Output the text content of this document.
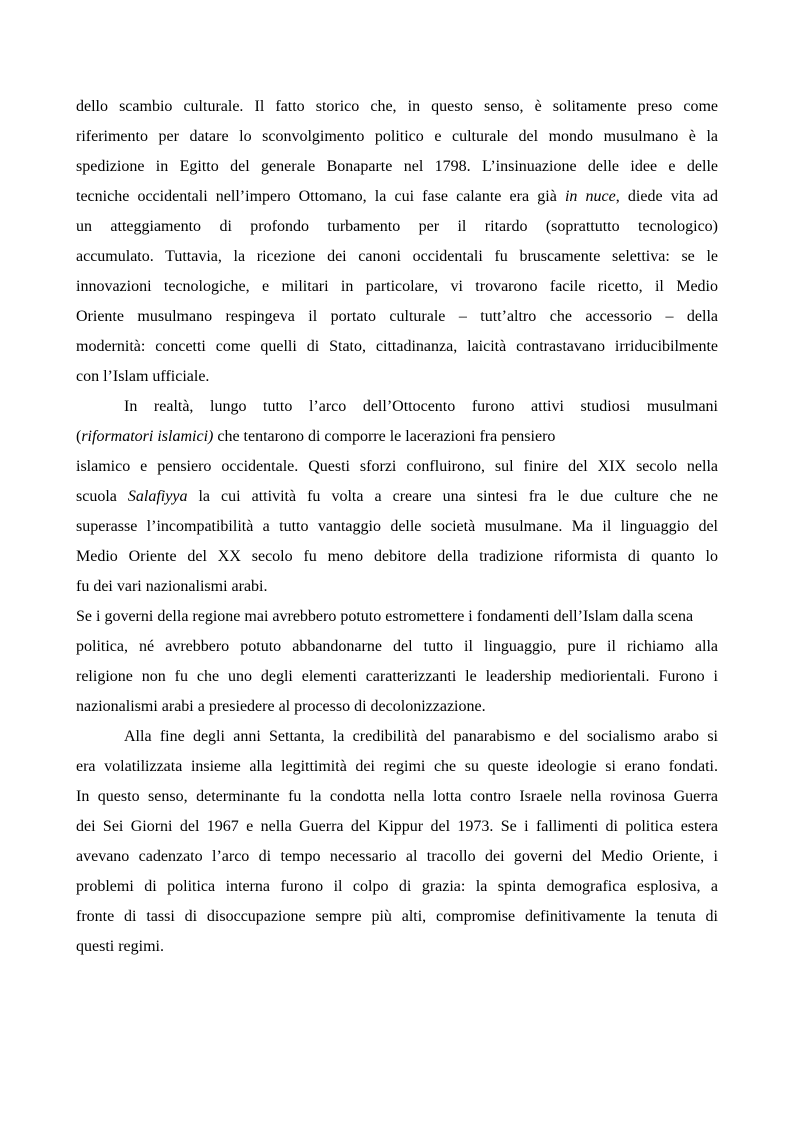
dello scambio culturale. Il fatto storico che, in questo senso, è solitamente preso come
riferimento per datare lo sconvolgimento politico e culturale del mondo musulmano è la
spedizione in Egitto del generale Bonaparte nel 1798. L’insinuazione delle idee e delle
tecniche occidentali nell’impero Ottomano, la cui fase calante era già in nuce, diede vita ad
un atteggiamento di profondo turbamento per il ritardo (soprattutto tecnologico)
accumulato. Tuttavia, la ricezione dei canoni occidentali fu bruscamente selettiva: se le
innovazioni tecnologiche, e militari in particolare, vi trovarono facile ricetto, il Medio
Oriente musulmano respingeva il portato culturale – tutt’altro che accessorio – della
modernità: concetti come quelli di Stato, cittadinanza, laicità contrastavano irriducibilmente
con l’Islam ufficiale.
In realtà, lungo tutto l’arco dell’Ottocento furono attivi studiosi musulmani
(riformatori islamici) che tentarono di comporre le lacerazioni fra pensiero
islamico e pensiero occidentale. Questi sforzi confluirono, sul finire del XIX secolo nella
scuola Salafiyya la cui attività fu volta a creare una sintesi fra le due culture che ne
superasse l’incompatibilità a tutto vantaggio delle società musulmane. Ma il linguaggio del
Medio Oriente del XX secolo fu meno debitore della tradizione riformista di quanto lo
fu dei vari nazionalismi arabi.
Se i governi della regione mai avrebbero potuto estromettere i fondamenti dell’Islam dalla scena
politica, né avrebbero potuto abbandonarne del tutto il linguaggio, pure il richiamo alla
religione non fu che uno degli elementi caratterizzanti le leadership mediorientali. Furono i
nazionalismi arabi a presiedere al processo di decolonizzazione.
Alla fine degli anni Settanta, la credibilità del panarabismo e del socialismo arabo si
era volatilizzata insieme alla legittimità dei regimi che su queste ideologie si erano fondati.
In questo senso, determinante fu la condotta nella lotta contro Israele nella rovinosa Guerra
dei Sei Giorni del 1967 e nella Guerra del Kippur del 1973. Se i fallimenti di politica estera
avevano cadenzato l’arco di tempo necessario al tracollo dei governi del Medio Oriente, i
problemi di politica interna furono il colpo di grazia: la spinta demografica esplosiva, a
fronte di tassi di disoccupazione sempre più alti, compromise definitivamente la tenuta di
questi regimi.
